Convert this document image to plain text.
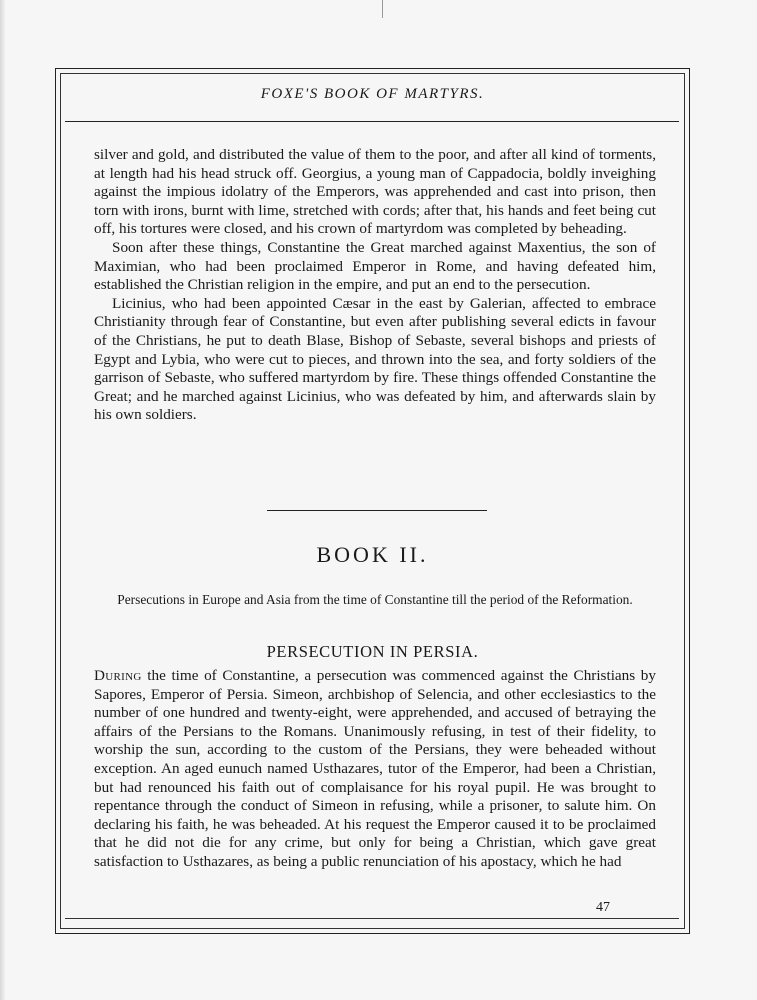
FOXE'S BOOK OF MARTYRS.

silver and gold, and distributed the value of them to the poor, and after all kind of torments, at length had his head struck off. Georgius, a young man of Cappadocia, boldly inveighing against the impious idolatry of the Emperors, was apprehended and cast into prison, then torn with irons, burnt with lime, stretched with cords; after that, his hands and feet being cut off, his tortures were closed, and his crown of martyrdom was completed by beheading.

Soon after these things, Constantine the Great marched against Maxentius, the son of Maximian, who had been proclaimed Emperor in Rome, and having defeated him, established the Christian religion in the empire, and put an end to the persecution.

Licinius, who had been appointed Cæsar in the east by Galerian, affected to embrace Christianity through fear of Constantine, but even after publishing several edicts in favour of the Christians, he put to death Blase, Bishop of Sebaste, several bishops and priests of Egypt and Lybia, who were cut to pieces, and thrown into the sea, and forty soldiers of the garrison of Sebaste, who suffered martyrdom by fire. These things offended Constantine the Great; and he marched against Licinius, who was defeated by him, and afterwards slain by his own soldiers.

BOOK II.
Persecutions in Europe and Asia from the time of Constantine till the period of the Reformation.
PERSECUTION IN PERSIA.

During the time of Constantine, a persecution was commenced against the Christians by Sapores, Emperor of Persia. Simeon, archbishop of Selencia, and other ecclesiastics to the number of one hundred and twenty-eight, were apprehended, and accused of betraying the affairs of the Persians to the Romans. Unanimously refusing, in test of their fidelity, to worship the sun, according to the custom of the Persians, they were beheaded without exception. An aged eunuch named Usthazares, tutor of the Emperor, had been a Christian, but had renounced his faith out of complaisance for his royal pupil. He was brought to repentance through the conduct of Simeon in refusing, while a prisoner, to salute him. On declaring his faith, he was beheaded. At his request the Emperor caused it to be proclaimed that he did not die for any crime, but only for being a Christian, which gave great satisfaction to Usthazares, as being a public renunciation of his apostacy, which he had

47
